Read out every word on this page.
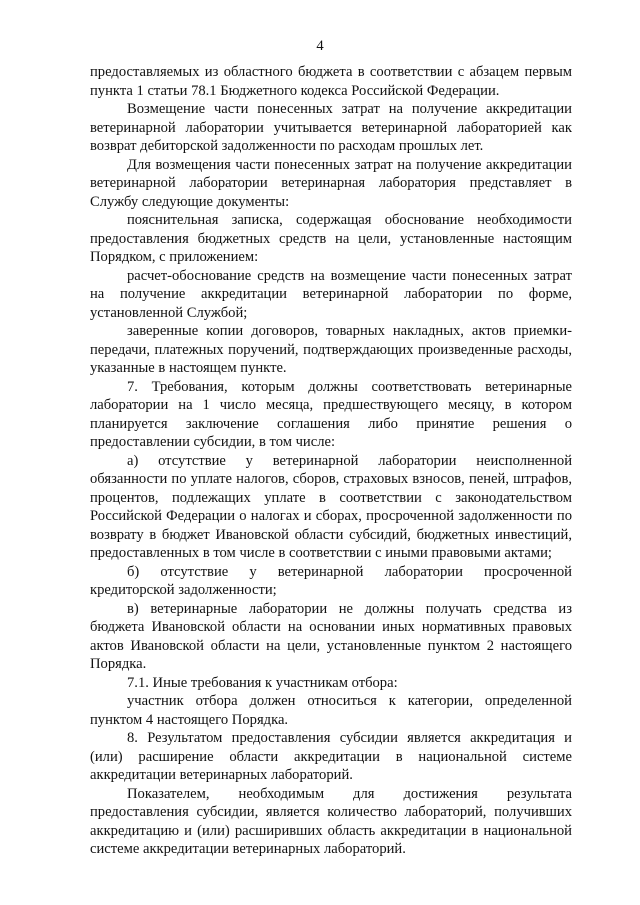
4

предоставляемых из областного бюджета в соответствии с абзацем первым пункта 1 статьи 78.1 Бюджетного кодекса Российской Федерации.

Возмещение части понесенных затрат на получение аккредитации ветеринарной лаборатории учитывается ветеринарной лабораторией как возврат дебиторской задолженности по расходам прошлых лет.

Для возмещения части понесенных затрат на получение аккредитации ветеринарной лаборатории ветеринарная лаборатория представляет в Службу следующие документы:

пояснительная записка, содержащая обоснование необходимости предоставления бюджетных средств на цели, установленные настоящим Порядком, с приложением:

расчет-обоснование средств на возмещение части понесенных затрат на получение аккредитации ветеринарной лаборатории по форме, установленной Службой;

заверенные копии договоров, товарных накладных, актов приемки-передачи, платежных поручений, подтверждающих произведенные расходы, указанные в настоящем пункте.

7. Требования, которым должны соответствовать ветеринарные лаборатории на 1 число месяца, предшествующего месяцу, в котором планируется заключение соглашения либо принятие решения о предоставлении субсидии, в том числе:

а) отсутствие у ветеринарной лаборатории неисполненной обязанности по уплате налогов, сборов, страховых взносов, пеней, штрафов, процентов, подлежащих уплате в соответствии с законодательством Российской Федерации о налогах и сборах, просроченной задолженности по возврату в бюджет Ивановской области субсидий, бюджетных инвестиций, предоставленных в том числе в соответствии с иными правовыми актами;

б) отсутствие у ветеринарной лаборатории просроченной кредиторской задолженности;

в) ветеринарные лаборатории не должны получать средства из бюджета Ивановской области на основании иных нормативных правовых актов Ивановской области на цели, установленные пунктом 2 настоящего Порядка.

7.1. Иные требования к участникам отбора:

участник отбора должен относиться к категории, определенной пунктом 4 настоящего Порядка.

8. Результатом предоставления субсидии является аккредитация и (или) расширение области аккредитации в национальной системе аккредитации ветеринарных лабораторий.

Показателем, необходимым для достижения результата предоставления субсидии, является количество лабораторий, получивших аккредитацию и (или) расширивших область аккредитации в национальной системе аккредитации ветеринарных лабораторий.
